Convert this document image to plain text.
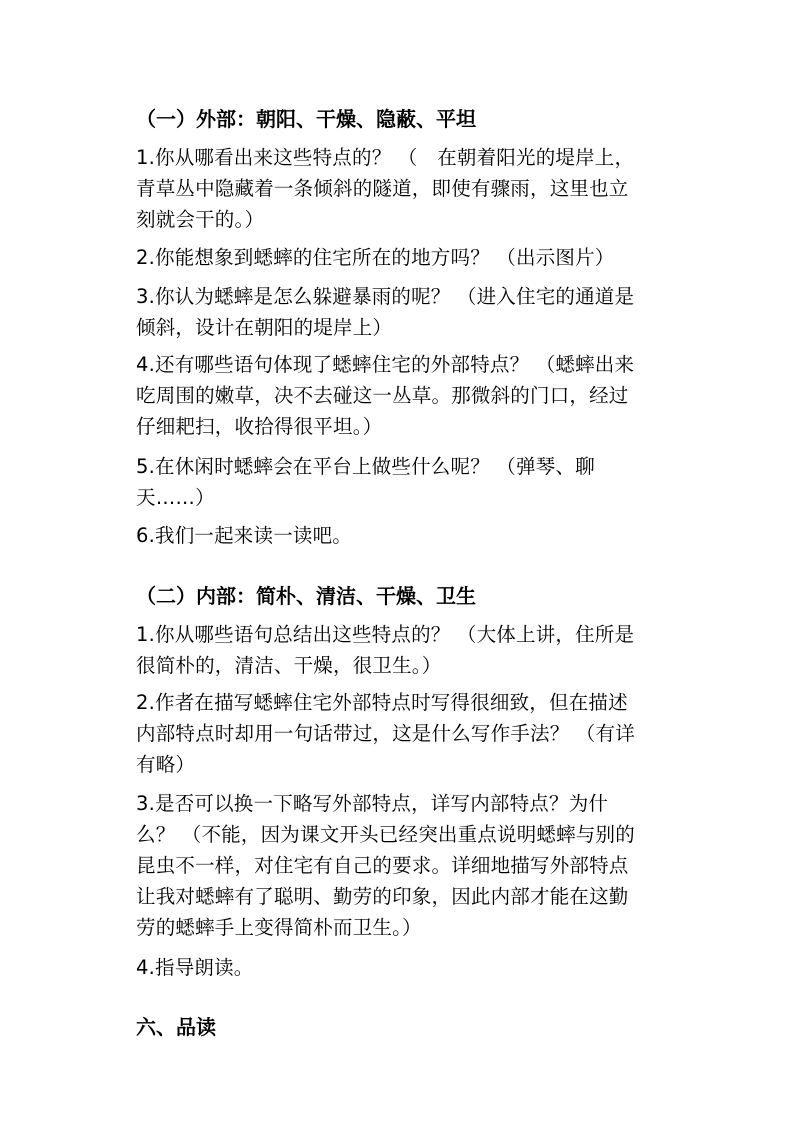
（一）外部：朝阳、干燥、隐蔽、平坦
1.你从哪看出来这些特点的？ （　在朝着阳光的堤岸上，
青草丛中隐藏着一条倾斜的隧道，即使有骤雨，这里也立
刻就会干的。）
2.你能想象到蟋蟀的住宅所在的地方吗？ （出示图片）
3.你认为蟋蟀是怎么躲避暴雨的呢？ （进入住宅的通道是
倾斜，设计在朝阳的堤岸上）
4.还有哪些语句体现了蟋蟀住宅的外部特点？ （蟋蟀出来
吃周围的嫩草，决不去碰这一丛草。那微斜的门口，经过
仔细耙扫，收拾得很平坦。）
5.在休闲时蟋蟀会在平台上做些什么呢？ （弹琴、聊
天……）
6.我们一起来读一读吧。
（二）内部：简朴、清洁、干燥、卫生
1.你从哪些语句总结出这些特点的？ （大体上讲，住所是
很简朴的，清洁、干燥，很卫生。）
2.作者在描写蟋蟀住宅外部特点时写得很细致，但在描述
内部特点时却用一句话带过，这是什么写作手法？ （有详
有略）
3.是否可以换一下略写外部特点，详写内部特点？为什
么？ （不能，因为课文开头已经突出重点说明蟋蟀与别的
昆虫不一样，对住宅有自己的要求。详细地描写外部特点
让我对蟋蟀有了聪明、勤劳的印象，因此内部才能在这勤
劳的蟋蟀手上变得简朴而卫生。）
4.指导朗读。
六、品读
